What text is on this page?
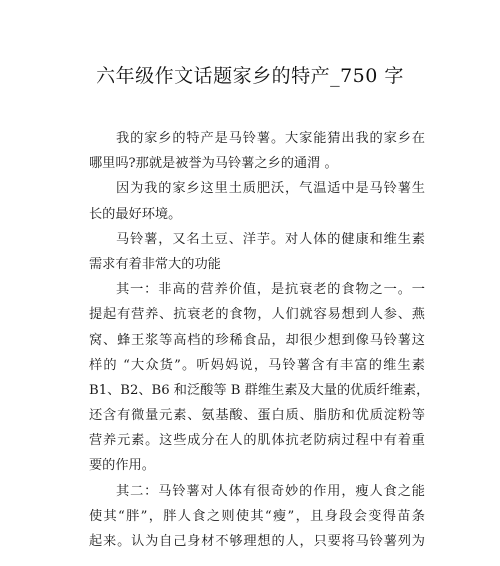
六年级作文话题家乡的特产_750 字
我的家乡的特产是马铃薯。大家能猜出我的家乡在
哪里吗?那就是被誉为马铃薯之乡的通渭 。
因为我的家乡这里土质肥沃，气温适中是马铃薯生
长的最好环境。
马铃薯，又名土豆、洋芋。对人体的健康和维生素
需求有着非常大的功能
其一：非高的营养价值，是抗衰老的食物之一。一
提起有营养、抗衰老的食物，人们就容易想到人参、燕
窝、蜂王浆等高档的珍稀食品，却很少想到像马铃薯这
样的 “大众货”。听妈妈说，马铃薯含有丰富的维生素
B1、B2、B6 和泛酸等 B 群维生素及大量的优质纤维素，
还含有微量元素、氨基酸、蛋白质、脂肪和优质淀粉等
营养元素。这些成分在人的肌体抗老防病过程中有着重
要的作用。
其二：马铃薯对人体有很奇妙的作用，瘦人食之能
使其“胖”，胖人食之则使其“瘦”，且身段会变得苗条
起来。认为自己身材不够理想的人，只要将马铃薯列为
